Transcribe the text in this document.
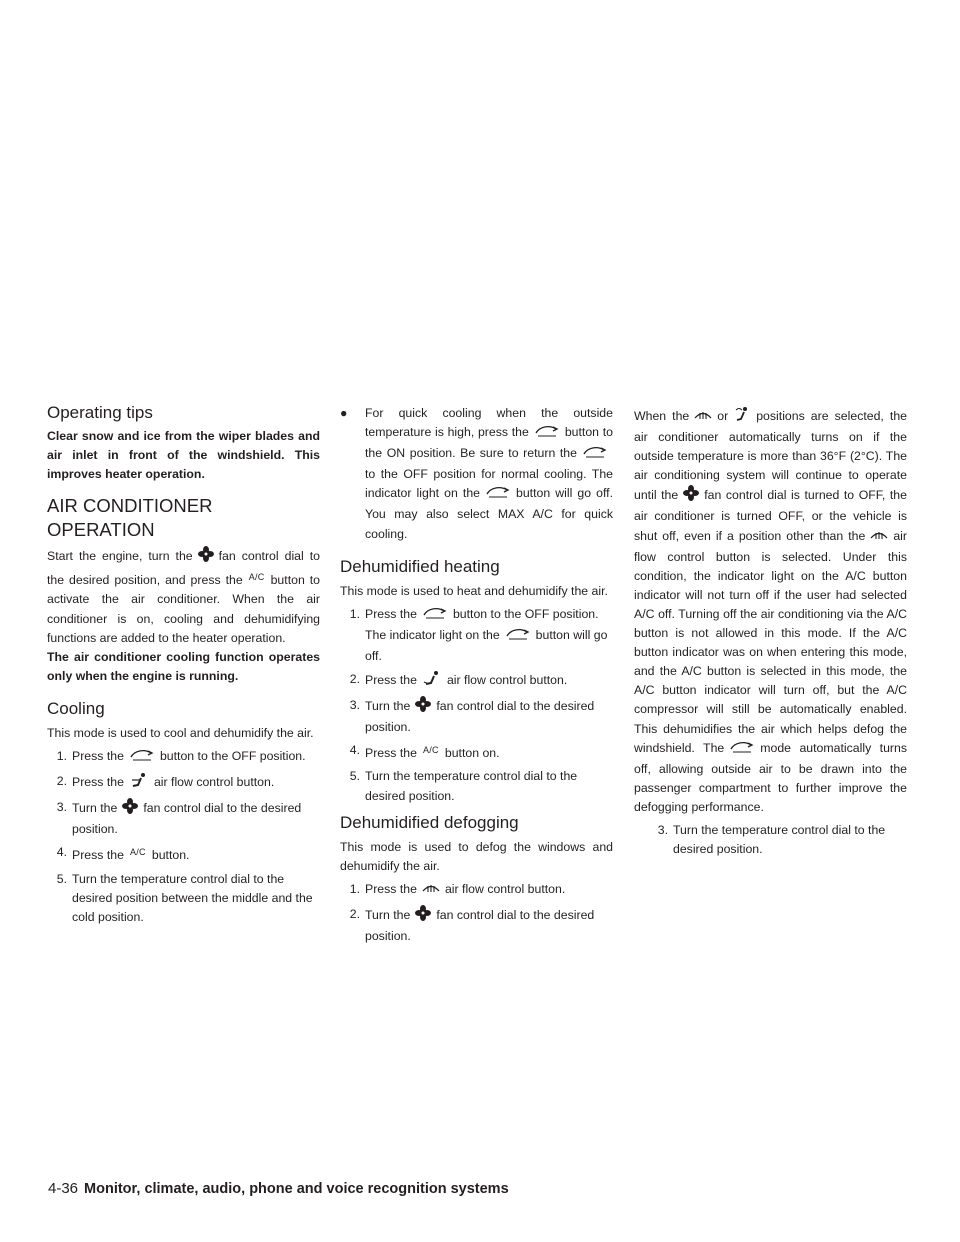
Operating tips

Clear snow and ice from the wiper blades and air inlet in front of the windshield. This improves heater operation.

AIR CONDITIONER OPERATION

Start the engine, turn the fan control dial to the desired position, and press the A/C button to activate the air conditioner. When the air conditioner is on, cooling and dehumidifying functions are added to the heater operation.

The air conditioner cooling function operates only when the engine is running.

Cooling

This mode is used to cool and dehumidify the air.

1. Press the	button to the OFF position.
2. Press the air flow control button.
3. Turn the fan control dial to the desired position.
4. Press the A/C button.
5. Turn the temperature control dial to the desired position between the middle and the cold position.
● For quick cooling when the outside temperature is high, press the	button to the ON position. Be sure to return theto the OFF position for normal cooling. The indicator light on the	button will go off. You may also select MAX A/C for quick cooling.
Dehumidified heating

This mode is used to heat and dehumidify the air.

1. Press the	button to the OFF position. The indicator light on the	button will go off.
2. Press the air flow control button.
3. Turn the fan control dial to the desired position.
4. Press the A/C button on.
5. Turn the temperature control dial to the desired position.
Dehumidified defogging

This mode is used to defog the windows and dehumidify the air.

1. Press the air flow control button.
2. Turn the fan control dial to the desired position.

When the or positions are selected, the air conditioner automatically turns on if the outside temperature is more than 36°F (2°C). The air conditioning system will continue to operate until the fan control dial is turned to OFF, the air conditioner is turned OFF, or the vehicle is shut off, even if a position other than the air flow control button is selected. Under this condition, the indicator light on the A/C button indicator will not turn off if the user had selected A/C off. Turning off the air conditioning via the A/C button is not allowed in this mode. If the A/C button indicator was on when entering this mode, and the A/C button is selected in this mode, the A/C button indicator will turn off, but the A/C compressor will still be automatically enabled. This dehumidifies the air which helps defog the windshield. The	mode automatically turns off, allowing outside air to be drawn into the passenger compartment to further improve the defogging performance.

3. Turn the temperature control dial to the desired position.
4-36 Monitor, climate, audio, phone and voice recognition systems
